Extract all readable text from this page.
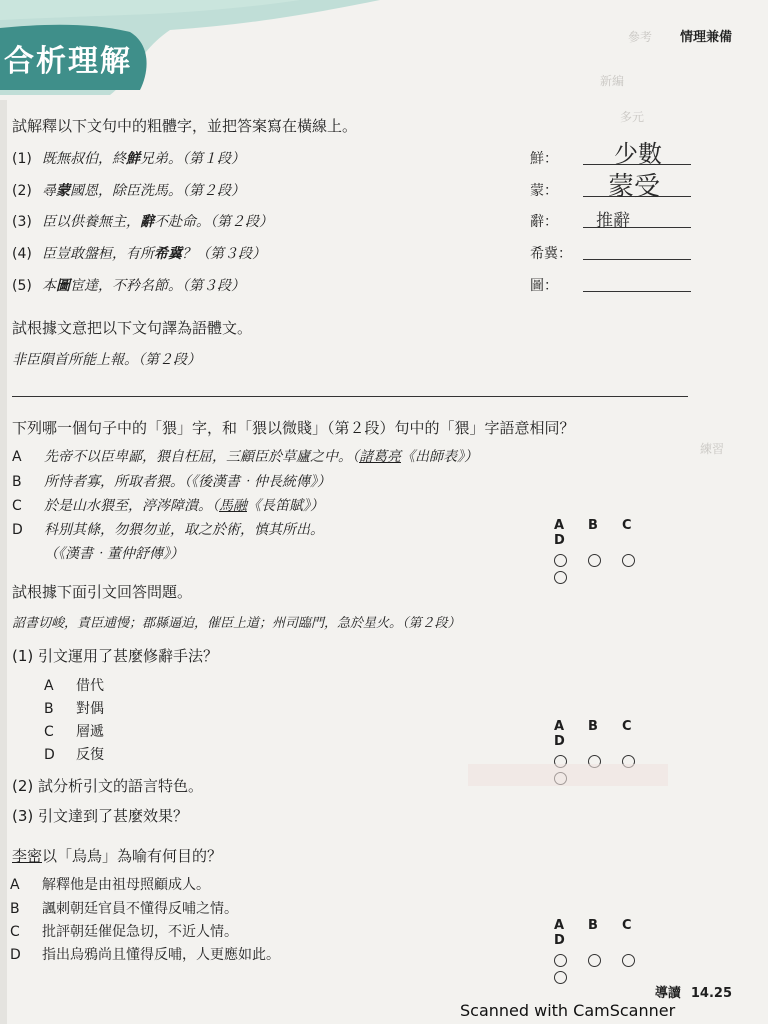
合析理解
情理兼備
參考
新編
多元
練習
試解釋以下文句中的粗體字，並把答案寫在橫線上。
(1) 既無叔伯，終鮮兄弟。（第１段）	鮮： 少數
(2) 尋蒙國恩，除臣洗馬。（第２段）	蒙： 蒙受
(3) 臣以供養無主，辭不赴命。（第２段）	辭： 推辭
(4) 臣豈敢盤桓，有所希冀？（第３段）	希冀：
(5) 本圖宦達，不矜名節。（第３段）	圖：
試根據文意把以下文句譯為語體文。
非臣隕首所能上報。（第２段）
下列哪一個句子中的「猥」字，和「猥以微賤」（第２段）句中的「猥」字語意相同？
A 先帝不以臣卑鄙，猥自枉屈，三顧臣於草廬之中。（諸葛亮《出師表》）
B 所恃者寡，所取者猥。（《後漢書‧仲長統傳》）
C 於是山水猥至，渟涔障潰。（馬融《長笛賦》）
D 科別其條，勿猥勿並，取之於術，慎其所出。
（《漢書‧董仲舒傳》）
A B CD
試根據下面引文回答問題。
詔書切峻，責臣逋慢；郡縣逼迫，催臣上道；州司臨門，急於星火。（第２段）
(1) 引文運用了甚麼修辭手法？
A 借代
B 對偶
C 層遞
D 反復
A B CD
(2) 試分析引文的語言特色。
(3) 引文達到了甚麼效果？
李密以「烏鳥」為喻有何目的？
A 解釋他是由祖母照顧成人。
B 諷刺朝廷官員不懂得反哺之情。
C 批評朝廷催促急切，不近人情。
D 指出烏鴉尚且懂得反哺，人更應如此。
A B CD
導讀 14.25
Scanned with CamScanner
